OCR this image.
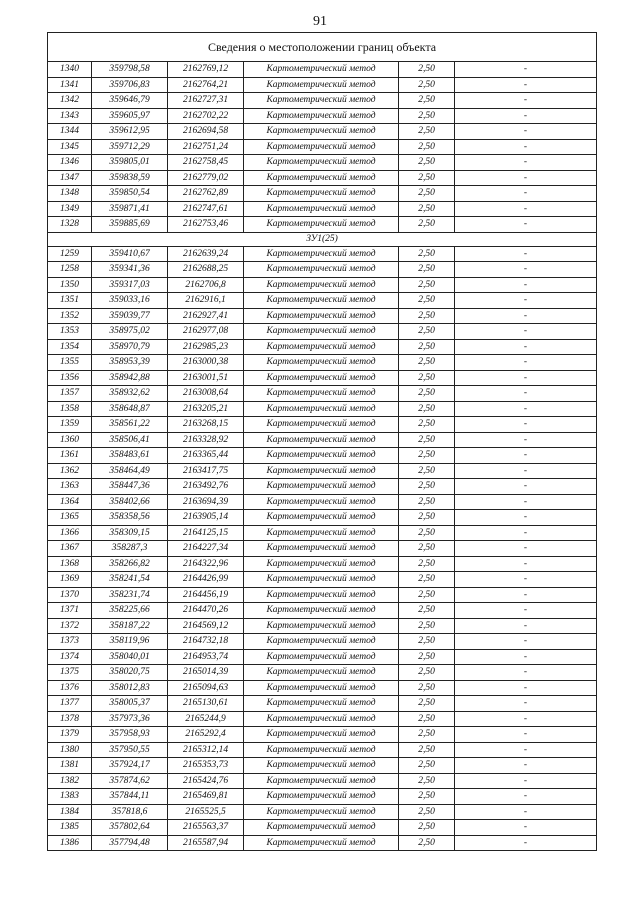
91
Сведения о местоположении границ объекта					
1340	359798,58	2162769,12	Картометрический метод	2,50	-
1341	359706,83	2162764,21	Картометрический метод	2,50	-
1342	359646,79	2162727,31	Картометрический метод	2,50	-
1343	359605,97	2162702,22	Картометрический метод	2,50	-
1344	359612,95	2162694,58	Картометрический метод	2,50	-
1345	359712,29	2162751,24	Картометрический метод	2,50	-
1346	359805,01	2162758,45	Картометрический метод	2,50	-
1347	359838,59	2162779,02	Картометрический метод	2,50	-
1348	359850,54	2162762,89	Картометрический метод	2,50	-
1349	359871,41	2162747,61	Картометрический метод	2,50	-
1328	359885,69	2162753,46	Картометрический метод	2,50	-
ЗУ1(25)					
1259	359410,67	2162639,24	Картометрический метод	2,50	-
1258	359341,36	2162688,25	Картометрический метод	2,50	-
1350	359317,03	2162706,8	Картометрический метод	2,50	-
1351	359033,16	2162916,1	Картометрический метод	2,50	-
1352	359039,77	2162927,41	Картометрический метод	2,50	-
1353	358975,02	2162977,08	Картометрический метод	2,50	-
1354	358970,79	2162985,23	Картометрический метод	2,50	-
1355	358953,39	2163000,38	Картометрический метод	2,50	-
1356	358942,88	2163001,51	Картометрический метод	2,50	-
1357	358932,62	2163008,64	Картометрический метод	2,50	-
1358	358648,87	2163205,21	Картометрический метод	2,50	-
1359	358561,22	2163268,15	Картометрический метод	2,50	-
1360	358506,41	2163328,92	Картометрический метод	2,50	-
1361	358483,61	2163365,44	Картометрический метод	2,50	-
1362	358464,49	2163417,75	Картометрический метод	2,50	-
1363	358447,36	2163492,76	Картометрический метод	2,50	-
1364	358402,66	2163694,39	Картометрический метод	2,50	-
1365	358358,56	2163905,14	Картометрический метод	2,50	-
1366	358309,15	2164125,15	Картометрический метод	2,50	-
1367	358287,3	2164227,34	Картометрический метод	2,50	-
1368	358266,82	2164322,96	Картометрический метод	2,50	-
1369	358241,54	2164426,99	Картометрический метод	2,50	-
1370	358231,74	2164456,19	Картометрический метод	2,50	-
1371	358225,66	2164470,26	Картометрический метод	2,50	-
1372	358187,22	2164569,12	Картометрический метод	2,50	-
1373	358119,96	2164732,18	Картометрический метод	2,50	-
1374	358040,01	2164953,74	Картометрический метод	2,50	-
1375	358020,75	2165014,39	Картометрический метод	2,50	-
1376	358012,83	2165094,63	Картометрический метод	2,50	-
1377	358005,37	2165130,61	Картометрический метод	2,50	-
1378	357973,36	2165244,9	Картометрический метод	2,50	-
1379	357958,93	2165292,4	Картометрический метод	2,50	-
1380	357950,55	2165312,14	Картометрический метод	2,50	-
1381	357924,17	2165353,73	Картометрический метод	2,50	-
1382	357874,62	2165424,76	Картометрический метод	2,50	-
1383	357844,11	2165469,81	Картометрический метод	2,50	-
1384	357818,6	2165525,5	Картометрический метод	2,50	-
1385	357802,64	2165563,37	Картометрический метод	2,50	-
1386	357794,48	2165587,94	Картометрический метод	2,50	-
